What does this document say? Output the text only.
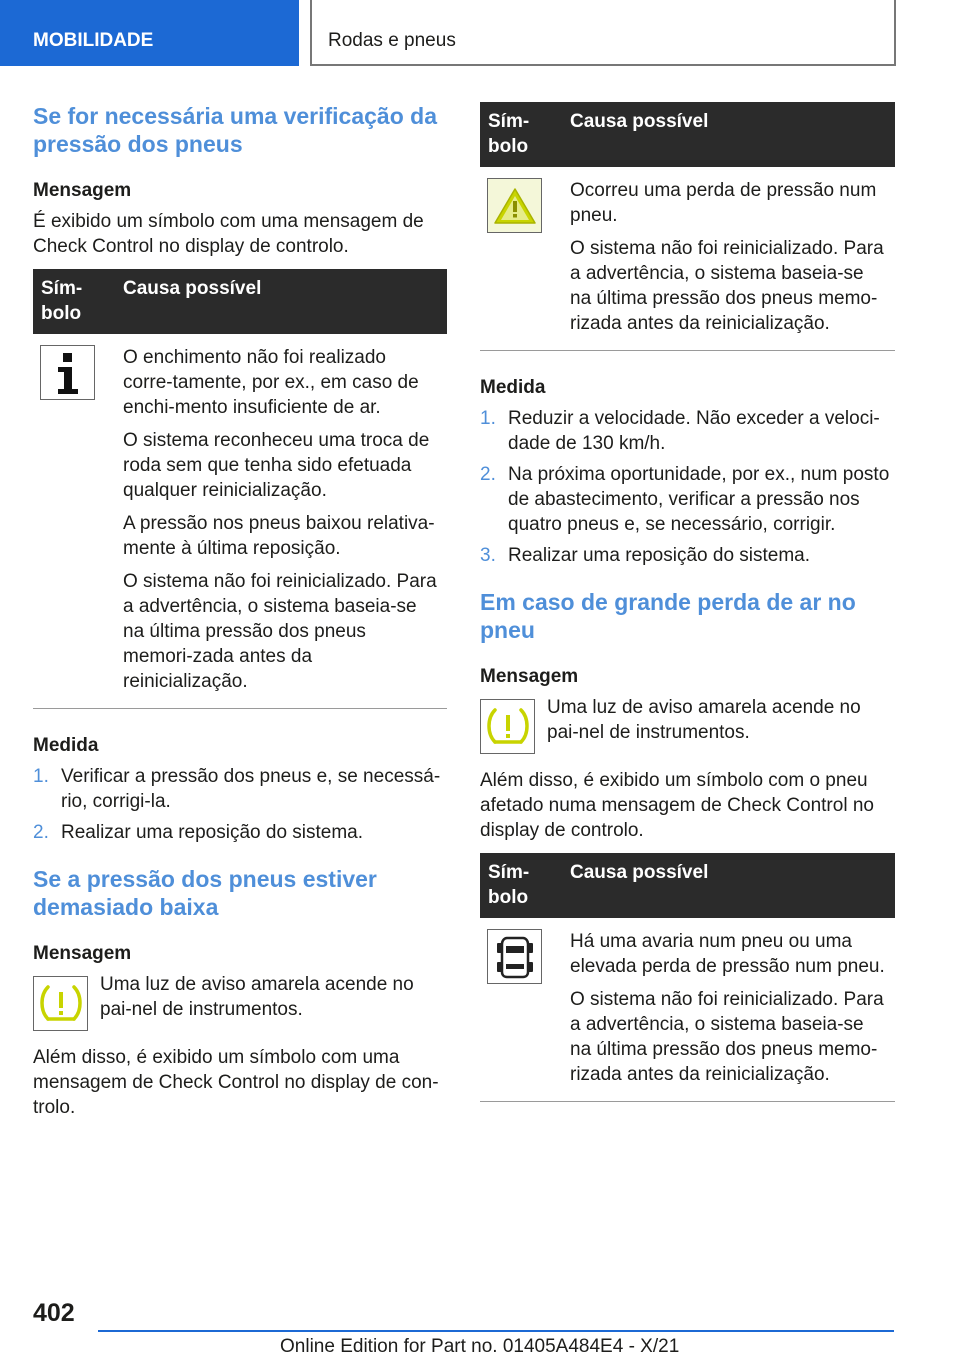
MOBILIDADE	Rodas e pneus
Se for necessária uma verificação da pressão dos pneus
Mensagem

É exibido um símbolo com uma mensagem de Check Control no display de controlo.

Sím-
bolo	Causa possível

O enchimento não foi realizado corre-tamente, por ex., em caso de enchi-mento insuficiente de ar.

O sistema reconheceu uma troca de roda sem que tenha sido efetuada qualquer reinicialização.

A pressão nos pneus baixou relativa-mente à última reposição.

O sistema não foi reinicializado. Para a advertência, o sistema baseia-se na última pressão dos pneus memori-zada antes da reinicialização.

Medida
1. Verificar a pressão dos pneus e, se necessá-rio, corrigi-la.
2. Realizar uma reposição do sistema.
Se a pressão dos pneus estiver demasiado baixa
Mensagem

Uma luz de aviso amarela acende no pai-nel de instrumentos.

Além disso, é exibido um símbolo com uma mensagem de Check Control no display de con-trolo.

Sím-
bolo	Causa possível

Ocorreu uma perda de pressão num pneu.

O sistema não foi reinicializado. Para a advertência, o sistema baseia-se na última pressão dos pneus memo-rizada antes da reinicialização.

Medida
1. Reduzir a velocidade. Não exceder a veloci-dade de 130 km/h.
2. Na próxima oportunidade, por ex., num posto de abastecimento, verificar a pressão nos quatro pneus e, se necessário, corrigir.
3. Realizar uma reposição do sistema.
Em caso de grande perda de ar no pneu
Mensagem

Uma luz de aviso amarela acende no pai-nel de instrumentos.

Além disso, é exibido um símbolo com o pneu afetado numa mensagem de Check Control no display de controlo.

Sím-
bolo	Causa possível

Há uma avaria num pneu ou uma elevada perda de pressão num pneu.

O sistema não foi reinicializado. Para a advertência, o sistema baseia-se na última pressão dos pneus memo-rizada antes da reinicialização.

402
Online Edition for Part no. 01405A484E4 - X/21
